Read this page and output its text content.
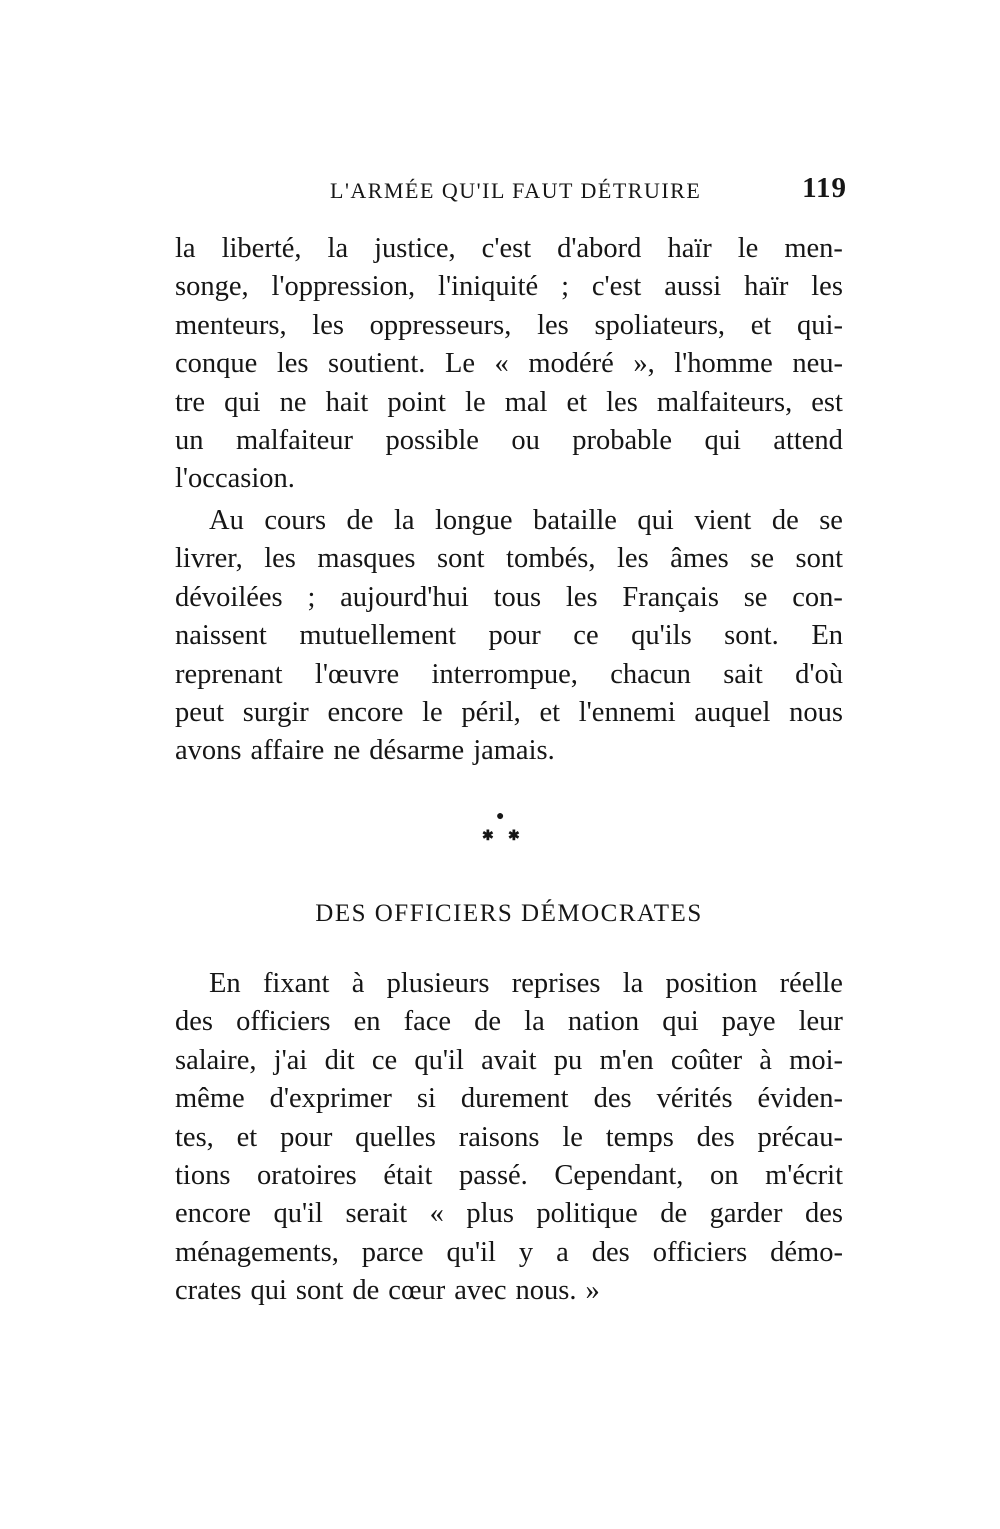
L'ARMÉE QU'IL FAUT DÉTRUIRE	119
la liberté, la justice, c'est d'abord haïr le men-
songe, l'oppression, l'iniquité ; c'est aussi haïr les
menteurs, les oppresseurs, les spoliateurs, et qui-
conque les soutient. Le « modéré », l'homme neu-
tre qui ne hait point le mal et les malfaiteurs, est
un malfaiteur possible ou probable qui attend
l'occasion.
Au cours de la longue bataille qui vient de se
livrer, les masques sont tombés, les âmes se sont
dévoilées ; aujourd'hui tous les Français se con-
naissent mutuellement pour ce qu'ils sont. En
reprenant l'œuvre interrompue, chacun sait d'où
peut surgir encore le péril, et l'ennemi auquel nous
avons affaire ne désarme jamais.
●
✱ ✱
DES OFFICIERS DÉMOCRATES
En fixant à plusieurs reprises la position réelle
des officiers en face de la nation qui paye leur
salaire, j'ai dit ce qu'il avait pu m'en coûter à moi-
même d'exprimer si durement des vérités éviden-
tes, et pour quelles raisons le temps des précau-
tions oratoires était passé. Cependant, on m'écrit
encore qu'il serait « plus politique de garder des
ménagements, parce qu'il y a des officiers démo-
crates qui sont de cœur avec nous. »
